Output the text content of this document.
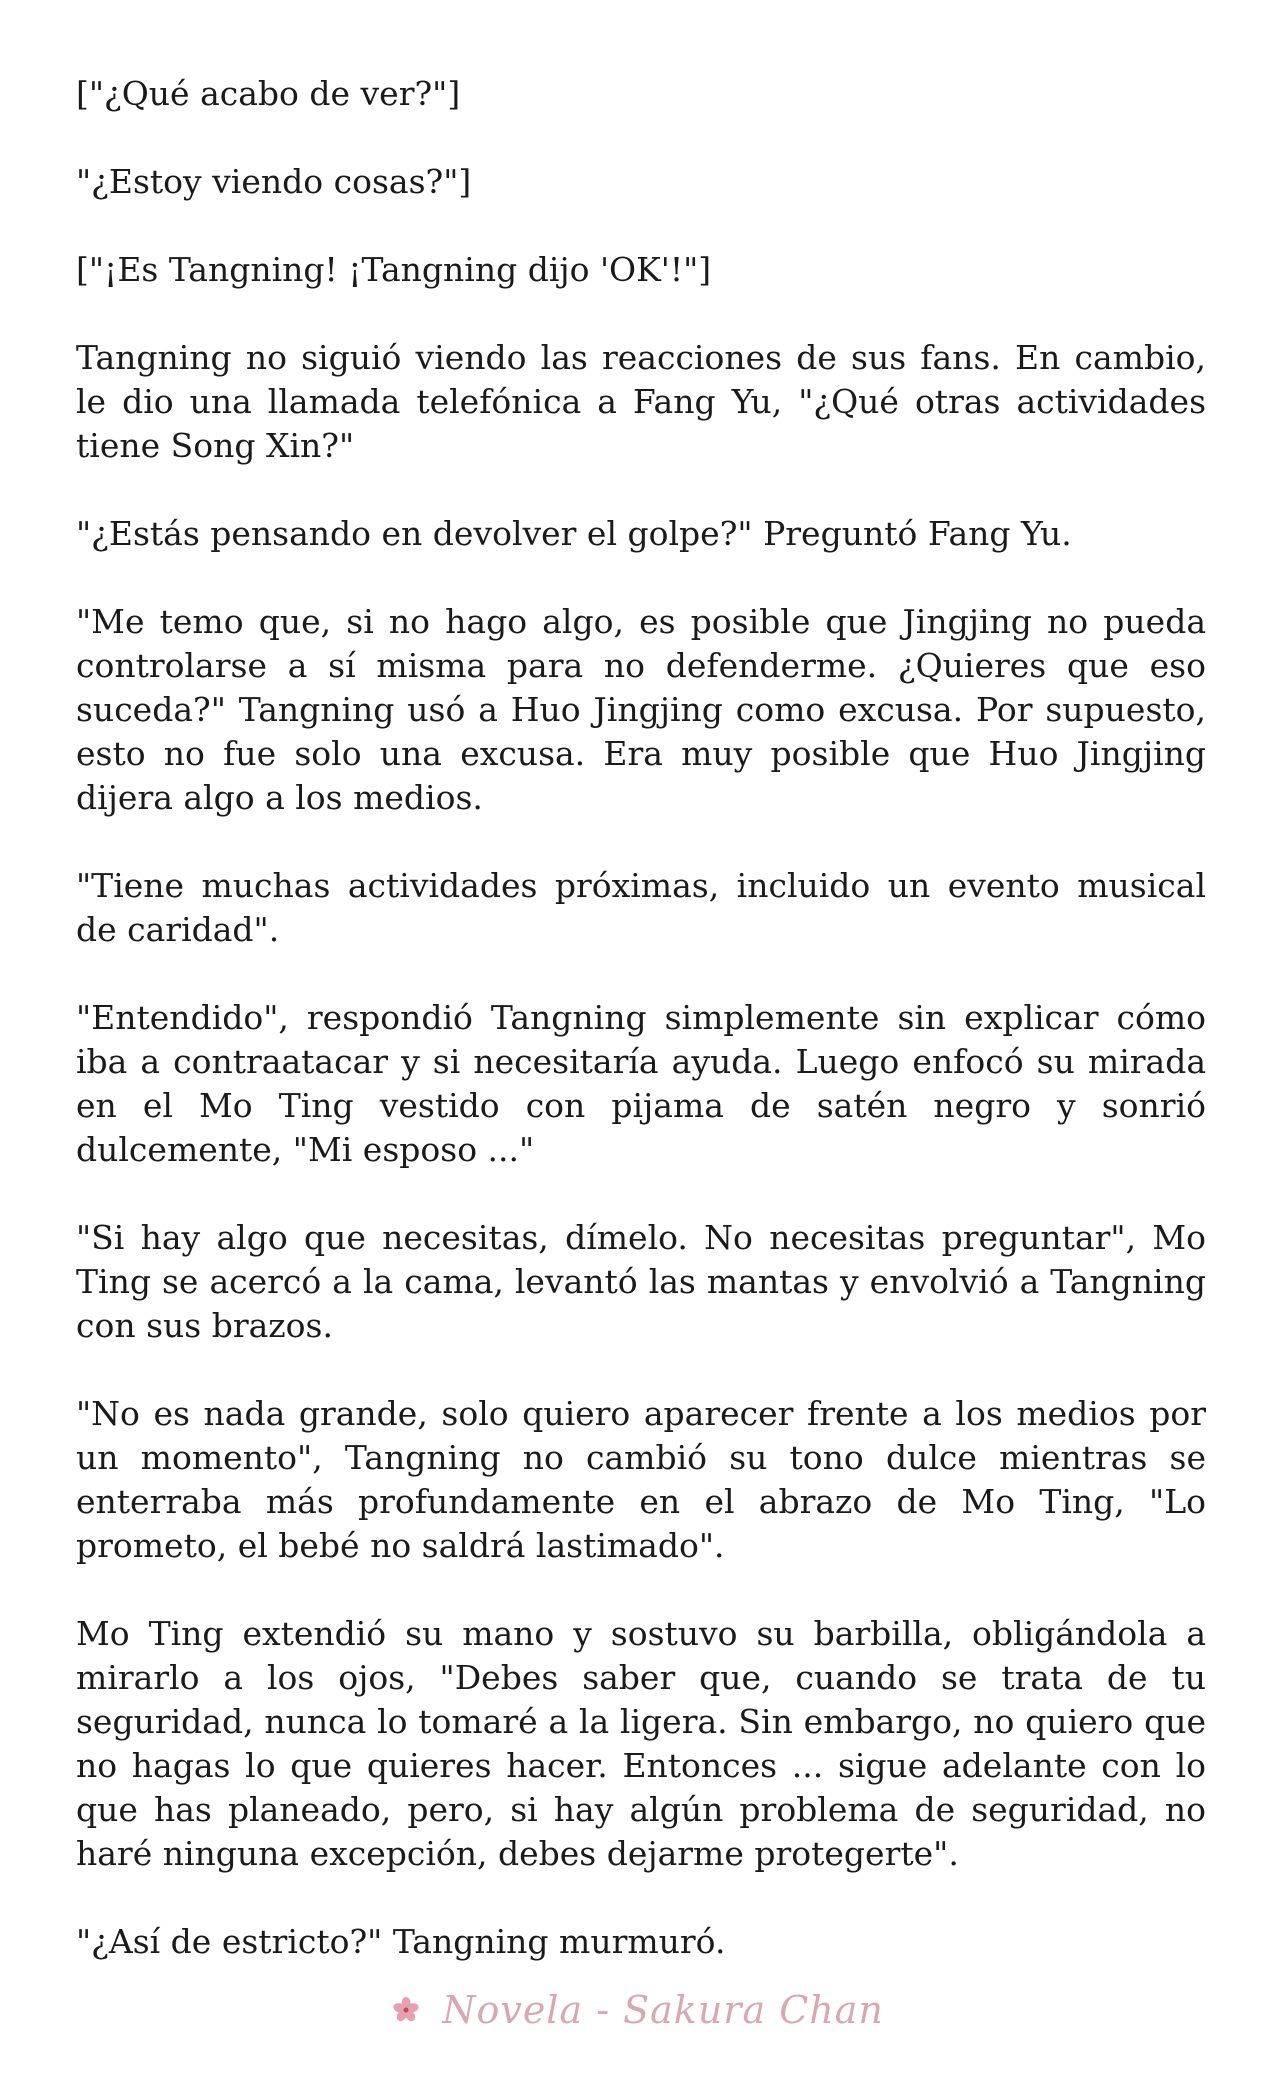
["¿Qué acabo de ver?"]

"¿Estoy viendo cosas?"]

["¡Es Tangning! ¡Tangning dijo 'OK'!"]

Tangning no siguió viendo las reacciones de sus fans. En cambio, le dio una llamada telefónica a Fang Yu, "¿Qué otras actividades tiene Song Xin?"

"¿Estás pensando en devolver el golpe?" Preguntó Fang Yu.

"Me temo que, si no hago algo, es posible que Jingjing no pueda controlarse a sí misma para no defenderme. ¿Quieres que eso suceda?" Tangning usó a Huo Jingjing como excusa. Por supuesto, esto no fue solo una excusa. Era muy posible que Huo Jingjing dijera algo a los medios.

"Tiene muchas actividades próximas, incluido un evento musical de caridad".

"Entendido", respondió Tangning simplemente sin explicar cómo iba a contraatacar y si necesitaría ayuda. Luego enfocó su mirada en el Mo Ting vestido con pijama de satén negro y sonrió dulcemente, "Mi esposo ..."

"Si hay algo que necesitas, dímelo. No necesitas preguntar", Mo Ting se acercó a la cama, levantó las mantas y envolvió a Tangning con sus brazos.

"No es nada grande, solo quiero aparecer frente a los medios por un momento", Tangning no cambió su tono dulce mientras se enterraba más profundamente en el abrazo de Mo Ting, "Lo prometo, el bebé no saldrá lastimado".

Mo Ting extendió su mano y sostuvo su barbilla, obligándola a mirarlo a los ojos, "Debes saber que, cuando se trata de tu seguridad, nunca lo tomaré a la ligera. Sin embargo, no quiero que no hagas lo que quieres hacer. Entonces ... sigue adelante con lo que has planeado, pero, si hay algún problema de seguridad, no haré ninguna excepción, debes dejarme protegerte".

"¿Así de estricto?" Tangning murmuró.

Novela - Sakura Chan
